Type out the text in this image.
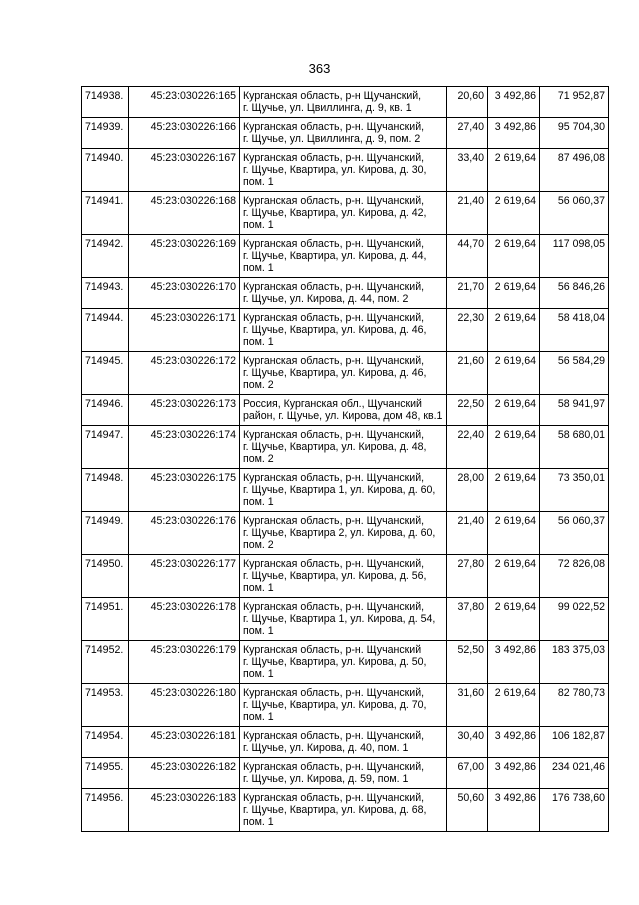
363
714938.	45:23:030226:165	Курганская область, р-н Щучанский,
г. Щучье, ул. Цвиллинга, д. 9, кв. 1	20,60	3 492,86	71 952,87
714939.	45:23:030226:166	Курганская область, р-н. Щучанский,
г. Щучье, ул. Цвиллинга, д. 9, пом. 2	27,40	3 492,86	95 704,30
714940.	45:23:030226:167	Курганская область, р-н. Щучанский,
г. Щучье, Квартира, ул. Кирова, д. 30,
пом. 1	33,40	2 619,64	87 496,08
714941.	45:23:030226:168	Курганская область, р-н. Щучанский,
г. Щучье, Квартира, ул. Кирова, д. 42,
пом. 1	21,40	2 619,64	56 060,37
714942.	45:23:030226:169	Курганская область, р-н. Щучанский,
г. Щучье, Квартира, ул. Кирова, д. 44,
пом. 1	44,70	2 619,64	117 098,05
714943.	45:23:030226:170	Курганская область, р-н. Щучанский,
г. Щучье, ул. Кирова, д. 44, пом. 2	21,70	2 619,64	56 846,26
714944.	45:23:030226:171	Курганская область, р-н. Щучанский,
г. Щучье, Квартира, ул. Кирова, д. 46,
пом. 1	22,30	2 619,64	58 418,04
714945.	45:23:030226:172	Курганская область, р-н. Щучанский,
г. Щучье, Квартира, ул. Кирова, д. 46,
пом. 2	21,60	2 619,64	56 584,29
714946.	45:23:030226:173	Россия, Курганская обл., Щучанский
район, г. Щучье, ул. Кирова, дом 48, кв.1	22,50	2 619,64	58 941,97
714947.	45:23:030226:174	Курганская область, р-н. Щучанский,
г. Щучье, Квартира, ул. Кирова, д. 48,
пом. 2	22,40	2 619,64	58 680,01
714948.	45:23:030226:175	Курганская область, р-н. Щучанский,
г. Щучье, Квартира 1, ул. Кирова, д. 60,
пом. 1	28,00	2 619,64	73 350,01
714949.	45:23:030226:176	Курганская область, р-н. Щучанский,
г. Щучье, Квартира 2, ул. Кирова, д. 60,
пом. 2	21,40	2 619,64	56 060,37
714950.	45:23:030226:177	Курганская область, р-н. Щучанский,
г. Щучье, Квартира, ул. Кирова, д. 56,
пом. 1	27,80	2 619,64	72 826,08
714951.	45:23:030226:178	Курганская область, р-н. Щучанский,
г. Щучье, Квартира 1, ул. Кирова, д. 54,
пом. 1	37,80	2 619,64	99 022,52
714952.	45:23:030226:179	Курганская область, р-н. Щучанский
г. Щучье, Квартира, ул. Кирова, д. 50,
пом. 1	52,50	3 492,86	183 375,03
714953.	45:23:030226:180	Курганская область, р-н. Щучанский,
г. Щучье, Квартира, ул. Кирова, д. 70,
пом. 1	31,60	2 619,64	82 780,73
714954.	45:23:030226:181	Курганская область, р-н. Щучанский,
г. Щучье, ул. Кирова, д. 40, пом. 1	30,40	3 492,86	106 182,87
714955.	45:23:030226:182	Курганская область, р-н. Щучанский,
г. Щучье, ул. Кирова, д. 59, пом. 1	67,00	3 492,86	234 021,46
714956.	45:23:030226:183	Курганская область, р-н. Щучанский,
г. Щучье, Квартира, ул. Кирова, д. 68,
пом. 1	50,60	3 492,86	176 738,60
